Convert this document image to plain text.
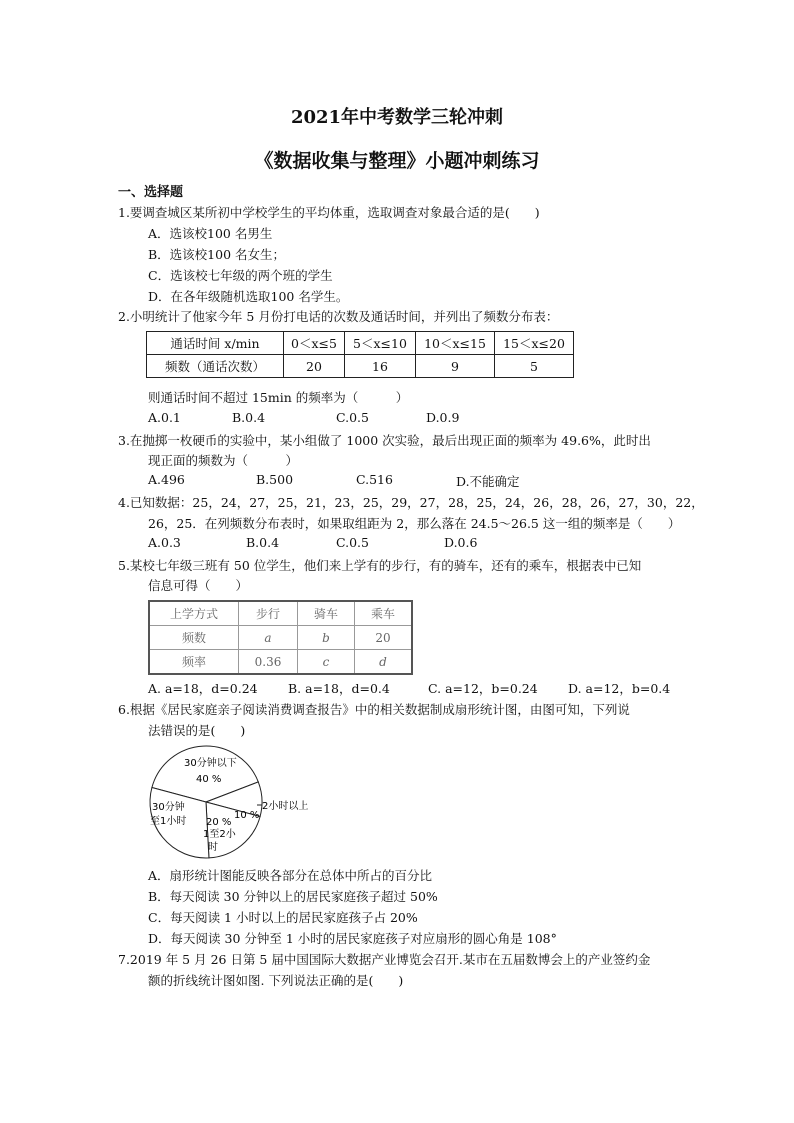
2021年中考数学三轮冲刺
《数据收集与整理》小题冲刺练习
一、选择题
1.要调查城区某所初中学校学生的平均体重，选取调查对象最合适的是(　　)
A．选该校100 名男生
B．选该校100 名女生；
C．选该校七年级的两个班的学生
D．在各年级随机选取100 名学生。
2.小明统计了他家今年 5 月份打电话的次数及通话时间，并列出了频数分布表：
通话时间 x/min	0＜x≤5	5＜x≤10	10＜x≤15	15＜x≤20
频数（通话次数）	20	16	9	5
则通话时间不超过 15min 的频率为（　　　）
A.0.1	B.0.4	C.0.5	D.0.9
3.在抛掷一枚硬币的实验中，某小组做了 1000 次实验，最后出现正面的频率为 49.6%，此时出
现正面的频数为（　　　）
A.496	B.500	C.516	D.不能确定
4.已知数据：25，24，27，25，21，23，25，29，27，28，25，24，26，28，26，27，30，22，
26，25．在列频数分布表时，如果取组距为 2，那么落在 24.5～26.5 这一组的频率是（　　）
A.0.3	B.0.4	C.0.5	D.0.6
5.某校七年级三班有 50 位学生，他们来上学有的步行，有的骑车，还有的乘车，根据表中已知
信息可得（　　）
上学方式	步行	骑车	乘车
频数	a	b	20
频率	0.36	c	d
A. a=18，d=0.24 B. a=18，d=0.4	C. a=12，b=0.24 D. a=12，b=0.4
6.根据《居民家庭亲子阅读消费调查报告》中的相关数据制成扇形统计图，由图可知，下列说
法错误的是(　　)
30分钟以下
40 %
30分钟
至1小时 20 %
1至2小
时
10 %
2小时以上
A．扇形统计图能反映各部分在总体中所占的百分比
B．每天阅读 30 分钟以上的居民家庭孩子超过 50%
C．每天阅读 1 小时以上的居民家庭孩子占 20%
D．每天阅读 30 分钟至 1 小时的居民家庭孩子对应扇形的圆心角是 108°
7.2019 年 5 月 26 日第 5 届中国国际大数据产业博览会召开.某市在五届数博会上的产业签约金
额的折线统计图如图. 下列说法正确的是(　　)
